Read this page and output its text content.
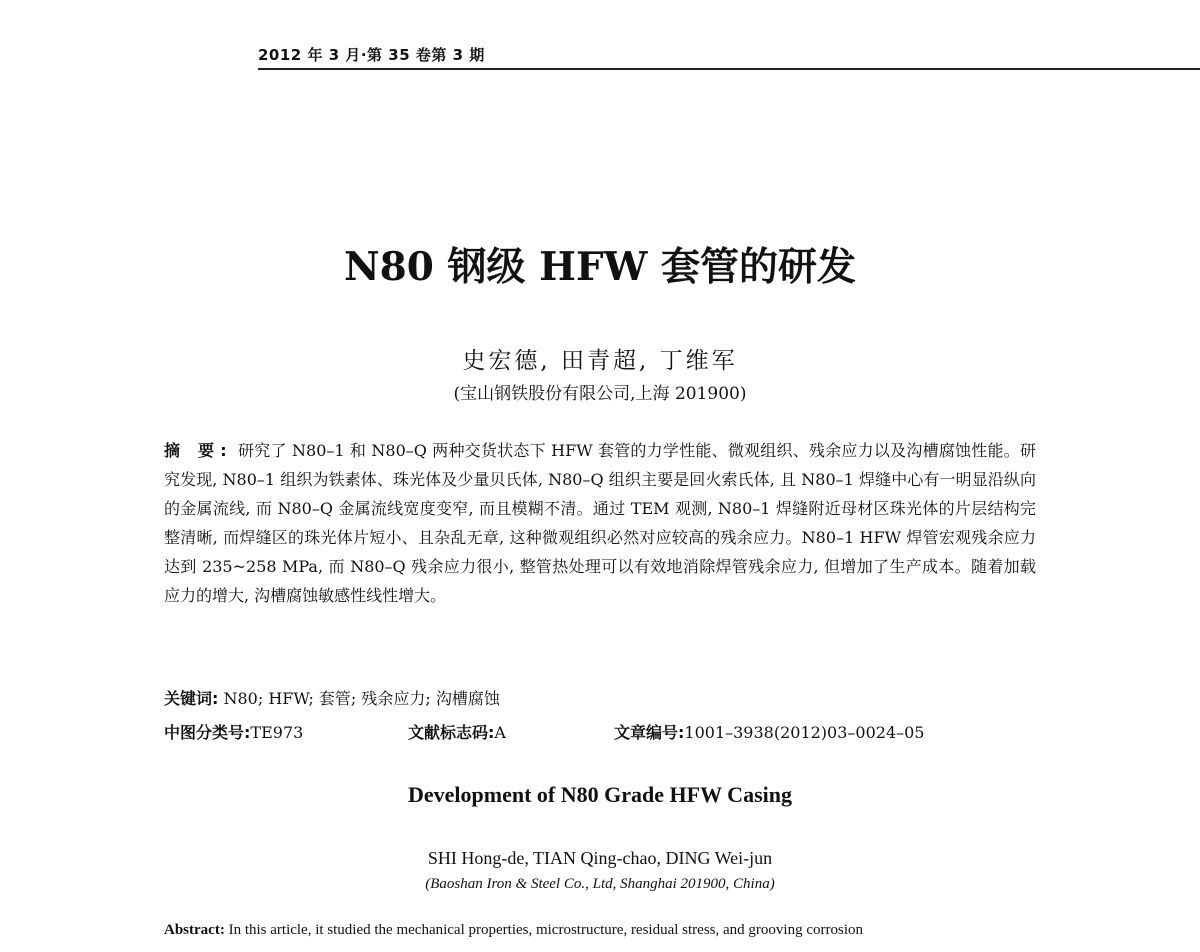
2012 年 3 月·第 35 卷第 3 期
N80 钢级 HFW 套管的研发
史宏德, 田青超, 丁维军
(宝山钢铁股份有限公司,上海 201900)
摘 要: 研究了 N80–1 和 N80–Q 两种交货状态下 HFW 套管的力学性能、微观组织、残余应力以及沟槽腐蚀性能。研究发现, N80–1 组织为铁素体、珠光体及少量贝氏体, N80–Q 组织主要是回火索氏体, 且 N80–1 焊缝中心有一明显沿纵向的金属流线, 而 N80–Q 金属流线宽度变窄, 而且模糊不清。通过 TEM 观测, N80–1 焊缝附近母材区珠光体的片层结构完整清晰, 而焊缝区的珠光体片短小、且杂乱无章, 这种微观组织必然对应较高的残余应力。N80–1 HFW 焊管宏观残余应力达到 235~258 MPa, 而 N80–Q 残余应力很小, 整管热处理可以有效地消除焊管残余应力, 但增加了生产成本。随着加载应力的增大, 沟槽腐蚀敏感性线性增大。
关键词: N80; HFW; 套管; 残余应力; 沟槽腐蚀
中图分类号:TE973	文献标志码:A	文章编号:1001–3938(2012)03–0024–05
Development of N80 Grade HFW Casing
SHI Hong-de, TIAN Qing-chao, DING Wei-jun
(Baoshan Iron & Steel Co., Ltd, Shanghai 201900, China)
Abstract: In this article, it studied the mechanical properties, microstructure, residual stress, and grooving corrosion
